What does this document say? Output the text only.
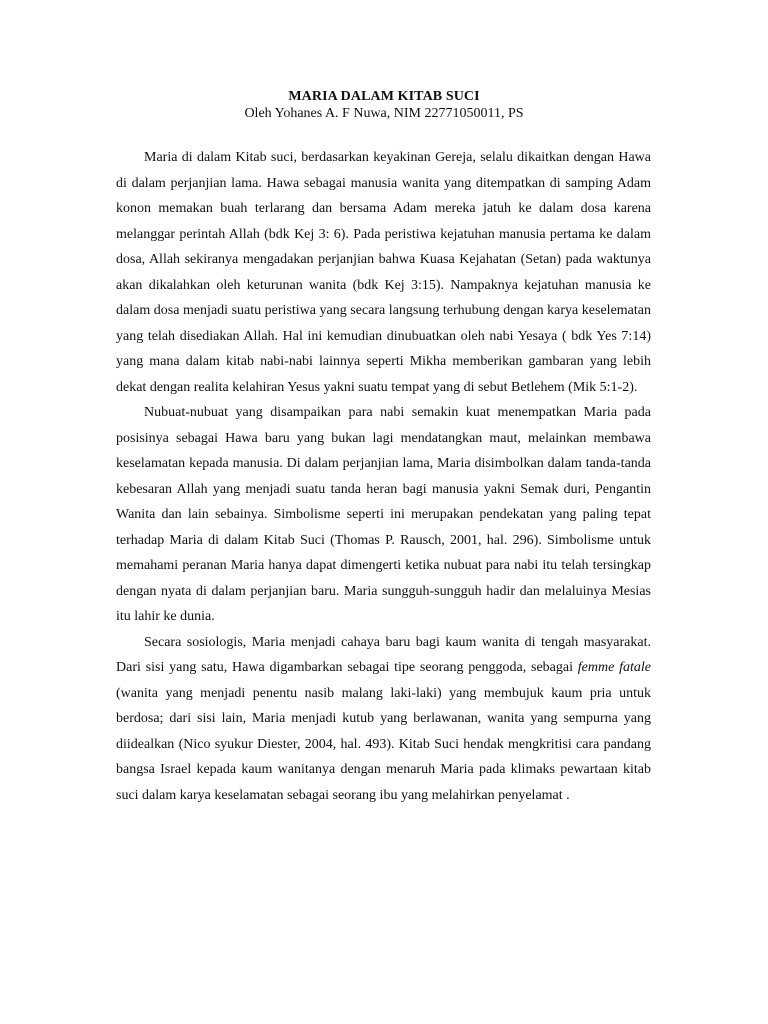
MARIA DALAM KITAB SUCI
Oleh Yohanes A. F Nuwa, NIM 22771050011, PS

Maria di dalam Kitab suci, berdasarkan keyakinan Gereja, selalu dikaitkan dengan Hawa di dalam perjanjian lama. Hawa sebagai manusia wanita yang ditempatkan di samping Adam konon memakan buah terlarang dan bersama Adam mereka jatuh ke dalam dosa karena melanggar perintah Allah (bdk Kej 3: 6). Pada peristiwa kejatuhan manusia pertama ke dalam dosa, Allah sekiranya mengadakan perjanjian bahwa Kuasa Kejahatan (Setan) pada waktunya akan dikalahkan oleh keturunan wanita (bdk Kej 3:15). Nampaknya kejatuhan manusia ke dalam dosa menjadi suatu peristiwa yang secara langsung terhubung dengan karya keselematan yang telah disediakan Allah. Hal ini kemudian dinubuatkan oleh nabi Yesaya ( bdk Yes 7:14) yang mana dalam kitab nabi-nabi lainnya seperti Mikha memberikan gambaran yang lebih dekat dengan realita kelahiran Yesus yakni suatu tempat yang di sebut Betlehem (Mik 5:1-2).

Nubuat-nubuat yang disampaikan para nabi semakin kuat menempatkan Maria pada posisinya sebagai Hawa baru yang bukan lagi mendatangkan maut, melainkan membawa keselamatan kepada manusia. Di dalam perjanjian lama, Maria disimbolkan dalam tanda-tanda kebesaran Allah yang menjadi suatu tanda heran bagi manusia yakni Semak duri, Pengantin Wanita dan lain sebainya. Simbolisme seperti ini merupakan pendekatan yang paling tepat terhadap Maria di dalam Kitab Suci (Thomas P. Rausch, 2001, hal. 296). Simbolisme untuk memahami peranan Maria hanya dapat dimengerti ketika nubuat para nabi itu telah tersingkap dengan nyata di dalam perjanjian baru. Maria sungguh-sungguh hadir dan melaluinya Mesias itu lahir ke dunia.

Secara sosiologis, Maria menjadi cahaya baru bagi kaum wanita di tengah masyarakat. Dari sisi yang satu, Hawa digambarkan sebagai tipe seorang penggoda, sebagai femme fatale (wanita yang menjadi penentu nasib malang laki-laki) yang membujuk kaum pria untuk berdosa; dari sisi lain, Maria menjadi kutub yang berlawanan, wanita yang sempurna yang diidealkan (Nico syukur Diester, 2004, hal. 493). Kitab Suci hendak mengkritisi cara pandang bangsa Israel kepada kaum wanitanya dengan menaruh Maria pada klimaks pewartaan kitab suci dalam karya keselamatan sebagai seorang ibu yang melahirkan penyelamat .
